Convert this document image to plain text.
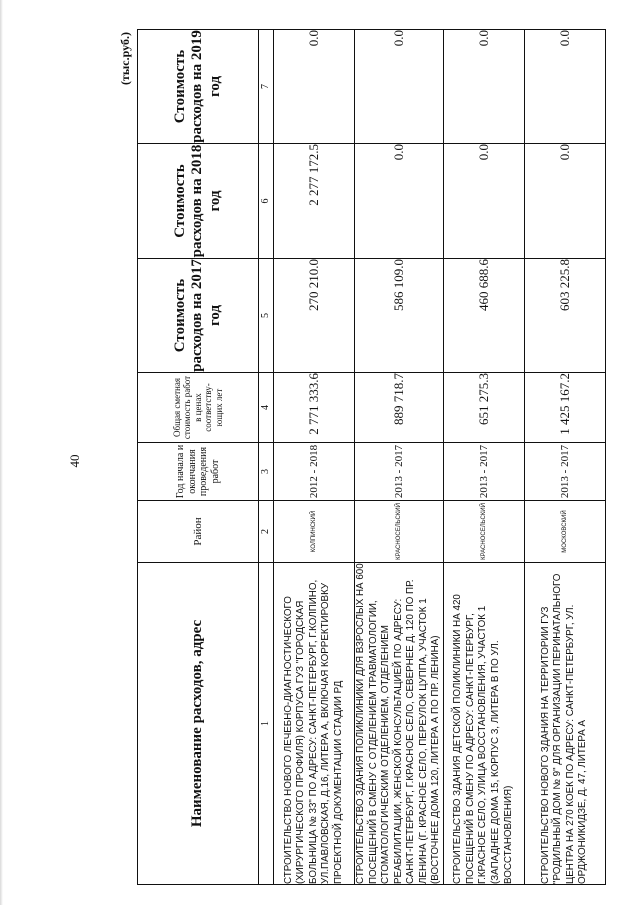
40
(тыс.руб.)
Наименование расходов, адрес	Район	Год начала и окончания проведения работ	Общая сметная стоимость работ в ценах соответству-ющих лет	Стоимость расходов на 2017 год	Стоимость расходов на 2018 год	Стоимость расходов на 2019 год
1	2	3	4	5	6	7
СТРОИТЕЛЬСТВО НОВОГО ЛЕЧЕБНО-ДИАГНОСТИЧЕСКОГО (ХИРУРГИЧЕСКОГО ПРОФИЛЯ) КОРПУСА ГУЗ "ГОРОДСКАЯ БОЛЬНИЦА № 33" ПО АДРЕСУ: САНКТ-ПЕТЕРБУРГ, Г.КОЛПИНО, УЛ.ПАВЛОВСКАЯ, Д.16, ЛИТЕРА А, ВКЛЮЧАЯ КОРРЕКТИРОВКУ ПРОЕКТНОЙ ДОКУМЕНТАЦИИ СТАДИИ РД	КОЛПИНСКИЙ	2012 - 2018	2 771 333.6	270 210.0	2 277 172.5	0.0
СТРОИТЕЛЬСТВО ЗДАНИЯ ПОЛИКЛИНИКИ ДЛЯ ВЗРОСЛЫХ НА 600 ПОСЕЩЕНИЙ В СМЕНУ С ОТДЕЛЕНИЕМ ТРАВМАТОЛОГИИ, СТОМАТОЛОГИЧЕСКИМ ОТДЕЛЕНИЕМ, ОТДЕЛЕНИЕМ РЕАБИЛИТАЦИИ, ЖЕНСКОЙ КОНСУЛЬТАЦИЕЙ ПО АДРЕСУ: САНКТ-ПЕТЕРБУРГ, Г.КРАСНОЕ СЕЛО, СЕВЕРНЕЕ Д. 120 ПО ПР. ЛЕНИНА (Г. КРАСНОЕ СЕЛО, ПЕРЕУЛОК ЦУППА, УЧАСТОК 1 (ВОСТОЧНЕЕ ДОМА 120, ЛИТЕРА А ПО ПР. ЛЕНИНА)	КРАСНОСЕЛЬСКИЙ	2013 - 2017	889 718.7	586 109.0	0.0	0.0
СТРОИТЕЛЬСТВО ЗДАНИЯ ДЕТСКОЙ ПОЛИКЛИНИКИ НА 420 ПОСЕЩЕНИЙ В СМЕНУ ПО АДРЕСУ: САНКТ-ПЕТЕРБУРГ, Г.КРАСНОЕ СЕЛО, УЛИЦА ВОССТАНОВЛЕНИЯ, УЧАСТОК 1 (ЗАПАДНЕЕ ДОМА 15, КОРПУС 3, ЛИТЕРА В ПО УЛ. ВОССТАНОВЛЕНИЯ)	КРАСНОСЕЛЬСКИЙ	2013 - 2017	651 275.3	460 688.6	0.0	0.0
СТРОИТЕЛЬСТВО НОВОГО ЗДАНИЯ НА ТЕРРИТОРИИ ГУЗ "РОДИЛЬНЫЙ ДОМ № 9" ДЛЯ ОРГАНИЗАЦИИ ПЕРИНАТАЛЬНОГО ЦЕНТРА НА 270 КОЕК ПО АДРЕСУ: САНКТ-ПЕТЕРБУРГ, УЛ. ОРДЖОНИКИДЗЕ, Д. 47, ЛИТЕРА А	МОСКОВСКИЙ	2013 - 2017	1 425 167.2	603 225.8	0.0	0.0
